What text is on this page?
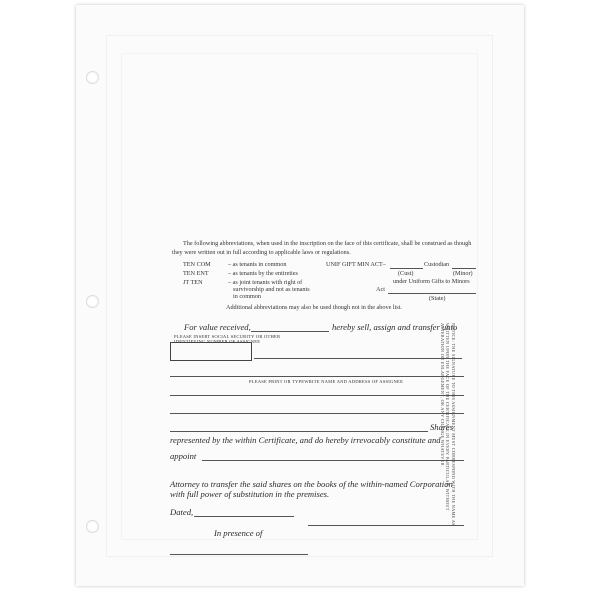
The following abbreviations, when used in the inscription on the face of this certificate, shall be construed as though
they were written out in full according to applicable laws or regulations.
TEN COM	– as tenants in common
TEN ENT	– as tenants by the entireties
JT TEN	– as joint tenants with right of
survivorship and not as tenants
in common
UNIF GIFT MIN ACT–	Custodian
(Cust)	(Minor)
under Uniform Gifts to Minors
Act
(State)
Additional abbreviations may also be used though not in the above list.
For value received,	hereby sell, assign and transfer unto
PLEASE INSERT SOCIAL SECURITY OR OTHER
IDENTIFYING NUMBER OF ASSIGNEE
PLEASE PRINT OR TYPEWRITE NAME AND ADDRESS OF ASSIGNEE
Shares
represented by the within Certificate, and do hereby irrevocably constitute and
appoint
Attorney to transfer the said shares on the books of the within-named Corporation
with full power of substitution in the premises.
Dated,
In presence of
NOTICE: THE SIGNATURE TO THIS ASSIGNMENT MUST CORRESPOND WITH THE NAME AS WRITTEN UPON THE FACE OF THE CERTIFICATE IN EVERY PARTICULAR, WITHOUT ALTERATION OR ENLARGEMENT, OR ANY CHANGE WHATEVER.
